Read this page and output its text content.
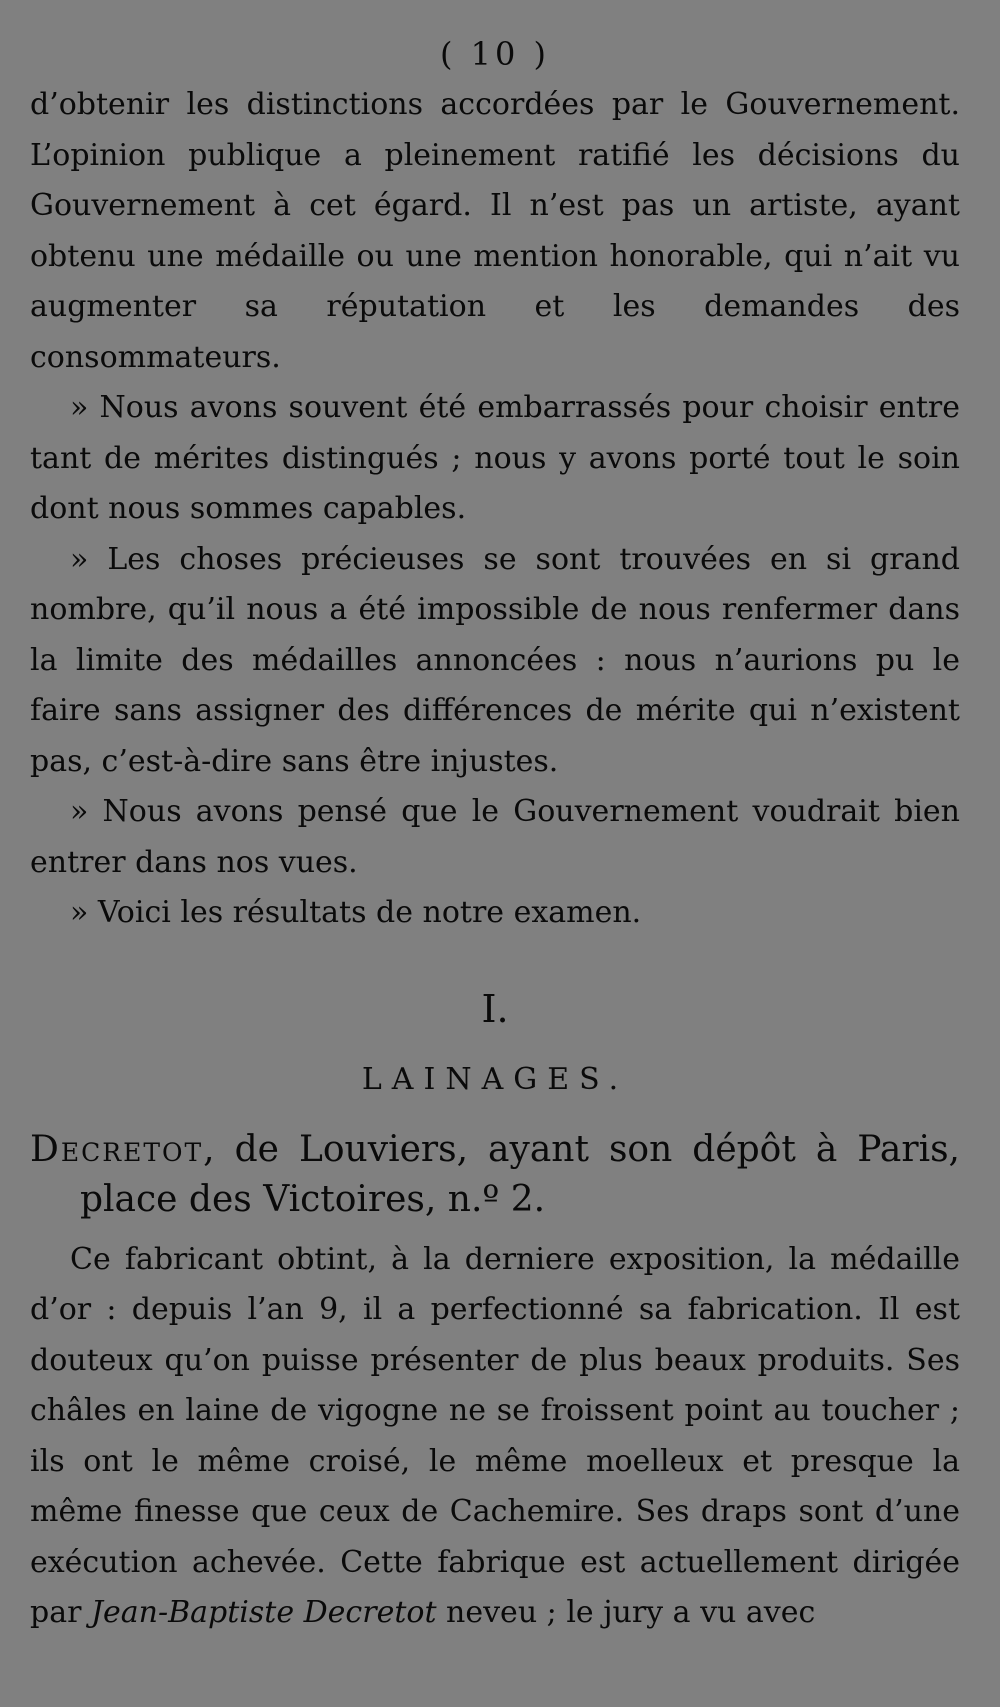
( 10 )

d’obtenir les distinctions accordées par le Gouvernement. L’opinion publique a pleinement ratifié les décisions du Gouvernement à cet égard. Il n’est pas un artiste, ayant obtenu une médaille ou une mention honorable, qui n’ait vu augmenter sa réputation et les demandes des consommateurs.

» Nous avons souvent été embarrassés pour choisir entre tant de mérites distingués ; nous y avons porté tout le soin dont nous sommes capables.

» Les choses précieuses se sont trouvées en si grand nombre, qu’il nous a été impossible de nous renfermer dans la limite des médailles annoncées : nous n’aurions pu le faire sans assigner des différences de mérite qui n’existent pas, c’est-à-dire sans être injustes.

» Nous avons pensé que le Gouvernement voudrait bien entrer dans nos vues.

» Voici les résultats de notre examen.

I.
LAINAGES.
Decretot, de Louviers, ayant son dépôt à Paris, place des Victoires, n.º 2.

Ce fabricant obtint, à la derniere exposition, la médaille d’or : depuis l’an 9, il a perfectionné sa fabrication. Il est douteux qu’on puisse présenter de plus beaux produits. Ses châles en laine de vigogne ne se froissent point au toucher ; ils ont le même croisé, le même moelleux et presque la même finesse que ceux de Cachemire. Ses draps sont d’une exécution achevée. Cette fabrique est actuellement dirigée par Jean-Baptiste Decretot neveu ; le jury a vu avec
